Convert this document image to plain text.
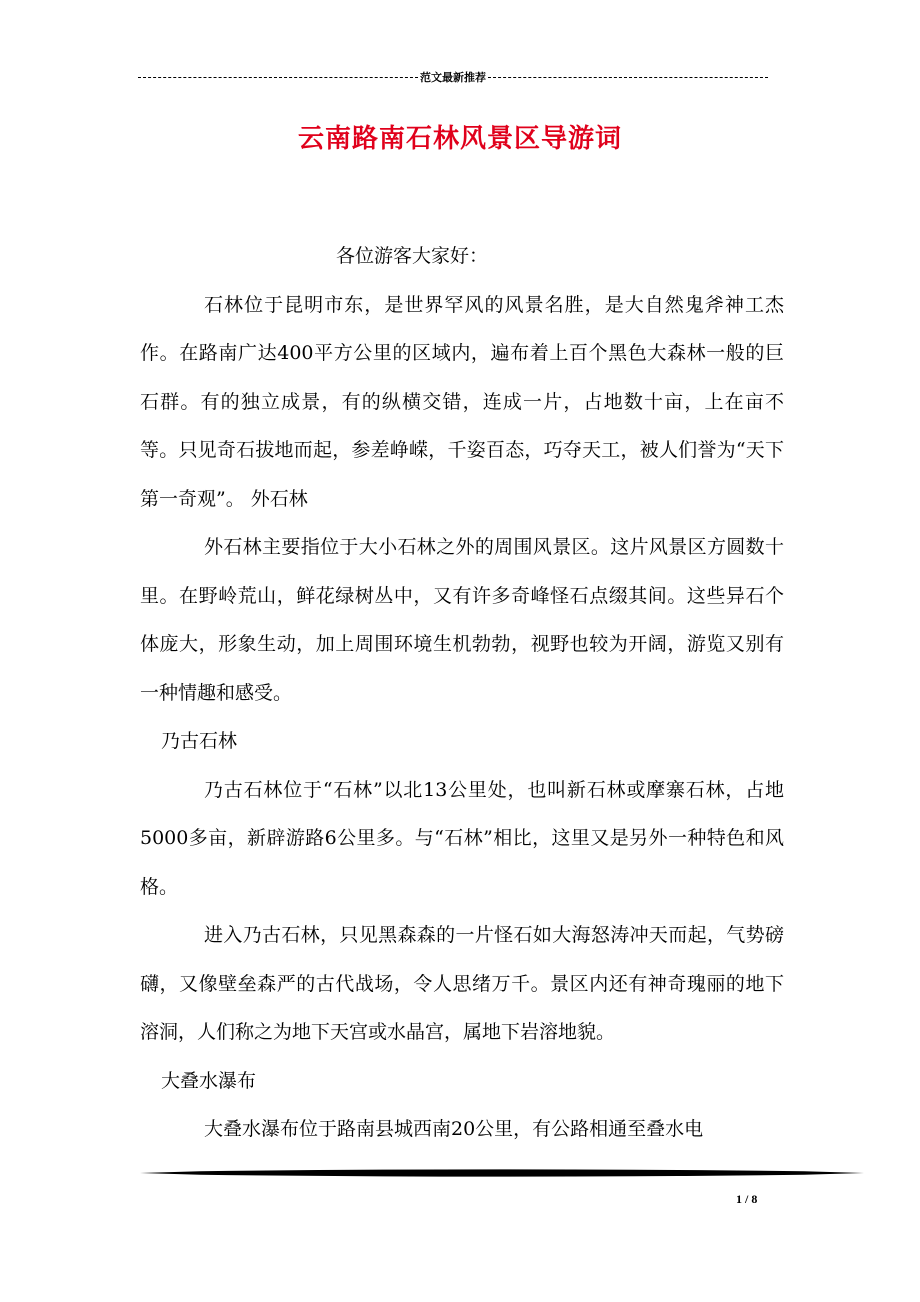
范文最新推荐
云南路南石林风景区导游词

各位游客大家好：

石林位于昆明市东，是世界罕风的风景名胜，是大自然鬼斧神工杰作。在路南广达400平方公里的区域内，遍布着上百个黑色大森林一般的巨石群。有的独立成景，有的纵横交错，连成一片，占地数十亩，上在亩不等。只见奇石拔地而起，参差峥嵘，千姿百态，巧夺天工，被人们誉为“天下第一奇观”。 外石林

外石林主要指位于大小石林之外的周围风景区。这片风景区方圆数十里。在野岭荒山，鲜花绿树丛中，又有许多奇峰怪石点缀其间。这些异石个体庞大，形象生动，加上周围环境生机勃勃，视野也较为开阔，游览又别有一种情趣和感受。

乃古石林

乃古石林位于“石林”以北13公里处，也叫新石林或摩寨石林，占地5000多亩，新辟游路6公里多。与“石林”相比，这里又是另外一种特色和风格。

进入乃古石林，只见黑森森的一片怪石如大海怒涛冲天而起，气势磅礴，又像壁垒森严的古代战场，令人思绪万千。景区内还有神奇瑰丽的地下溶洞，人们称之为地下天宫或水晶宫，属地下岩溶地貌。

大叠水瀑布

大叠水瀑布位于路南县城西南20公里，有公路相通至叠水电

1 / 8
